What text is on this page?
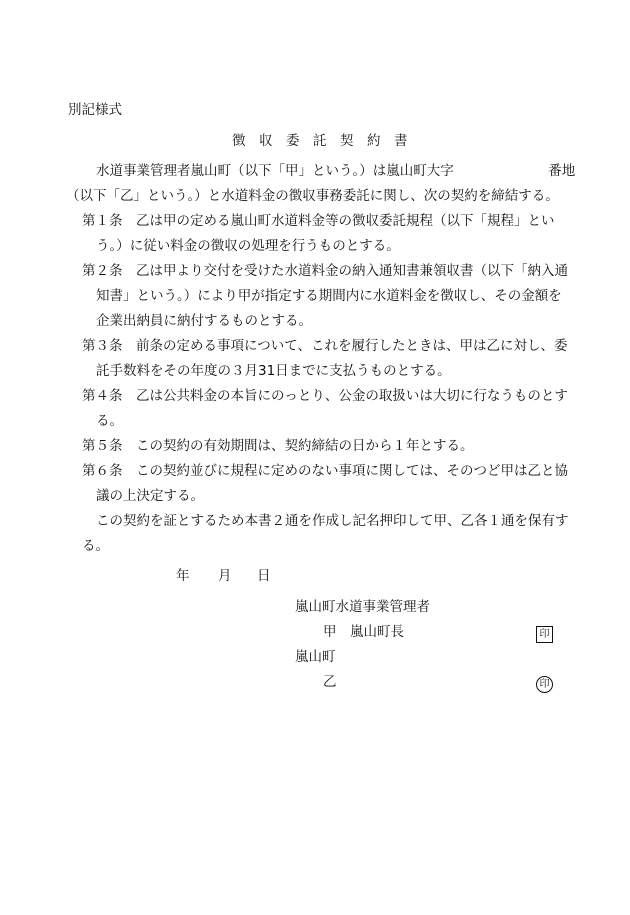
別記様式
徴　収　委　託　契　約　書
水道事業管理者嵐山町（以下「甲」という。）は嵐山町大字　　　　　　　番地
（以下「乙」という。）と水道料金の徴収事務委託に関し、次の契約を締結する。
第１条　乙は甲の定める嵐山町水道料金等の徴収委託規程（以下「規程」とい
う。）に従い料金の徴収の処理を行うものとする。
第２条　乙は甲より交付を受けた水道料金の納入通知書兼領収書（以下「納入通
知書」という。）により甲が指定する期間内に水道料金を徴収し、その金額を
企業出納員に納付するものとする。
第３条　前条の定める事項について、これを履行したときは、甲は乙に対し、委
託手数料をその年度の３月31日までに支払うものとする。
第４条　乙は公共料金の本旨にのっとり、公金の取扱いは大切に行なうものとす
る。
第５条　この契約の有効期間は、契約締結の日から１年とする。
第６条　この契約並びに規程に定めのない事項に関しては、そのつど甲は乙と協
議の上決定する。
この契約を証とするため本書２通を作成し記名押印して甲、乙各１通を保有す
る。
年 月 日
嵐山町水道事業管理者
甲 嵐山町長	印
嵐山町
乙	印
